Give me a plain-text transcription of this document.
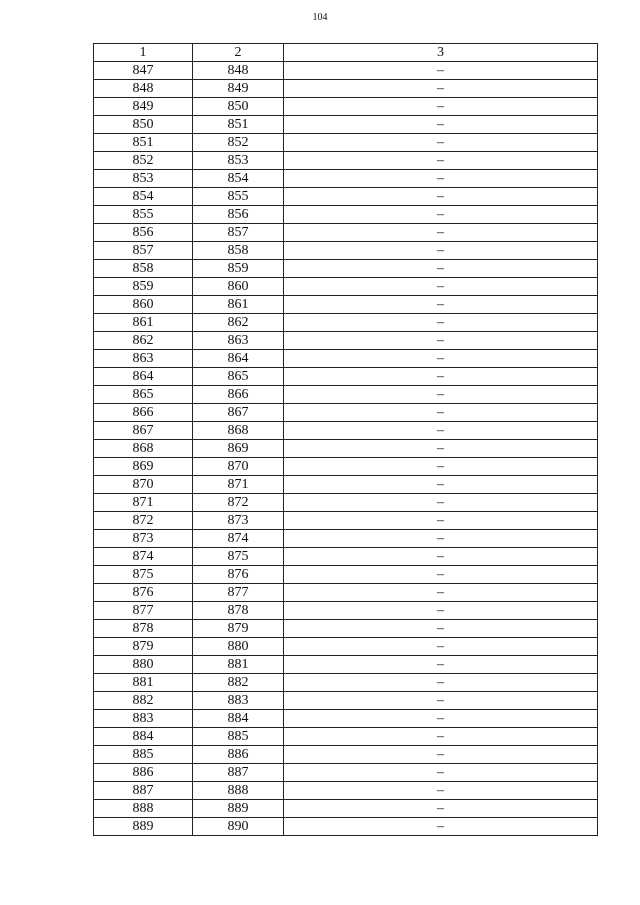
104
1	2	3
847	848	–
848	849	–
849	850	–
850	851	–
851	852	–
852	853	–
853	854	–
854	855	–
855	856	–
856	857	–
857	858	–
858	859	–
859	860	–
860	861	–
861	862	–
862	863	–
863	864	–
864	865	–
865	866	–
866	867	–
867	868	–
868	869	–
869	870	–
870	871	–
871	872	–
872	873	–
873	874	–
874	875	–
875	876	–
876	877	–
877	878	–
878	879	–
879	880	–
880	881	–
881	882	–
882	883	–
883	884	–
884	885	–
885	886	–
886	887	–
887	888	–
888	889	–
889	890	–
